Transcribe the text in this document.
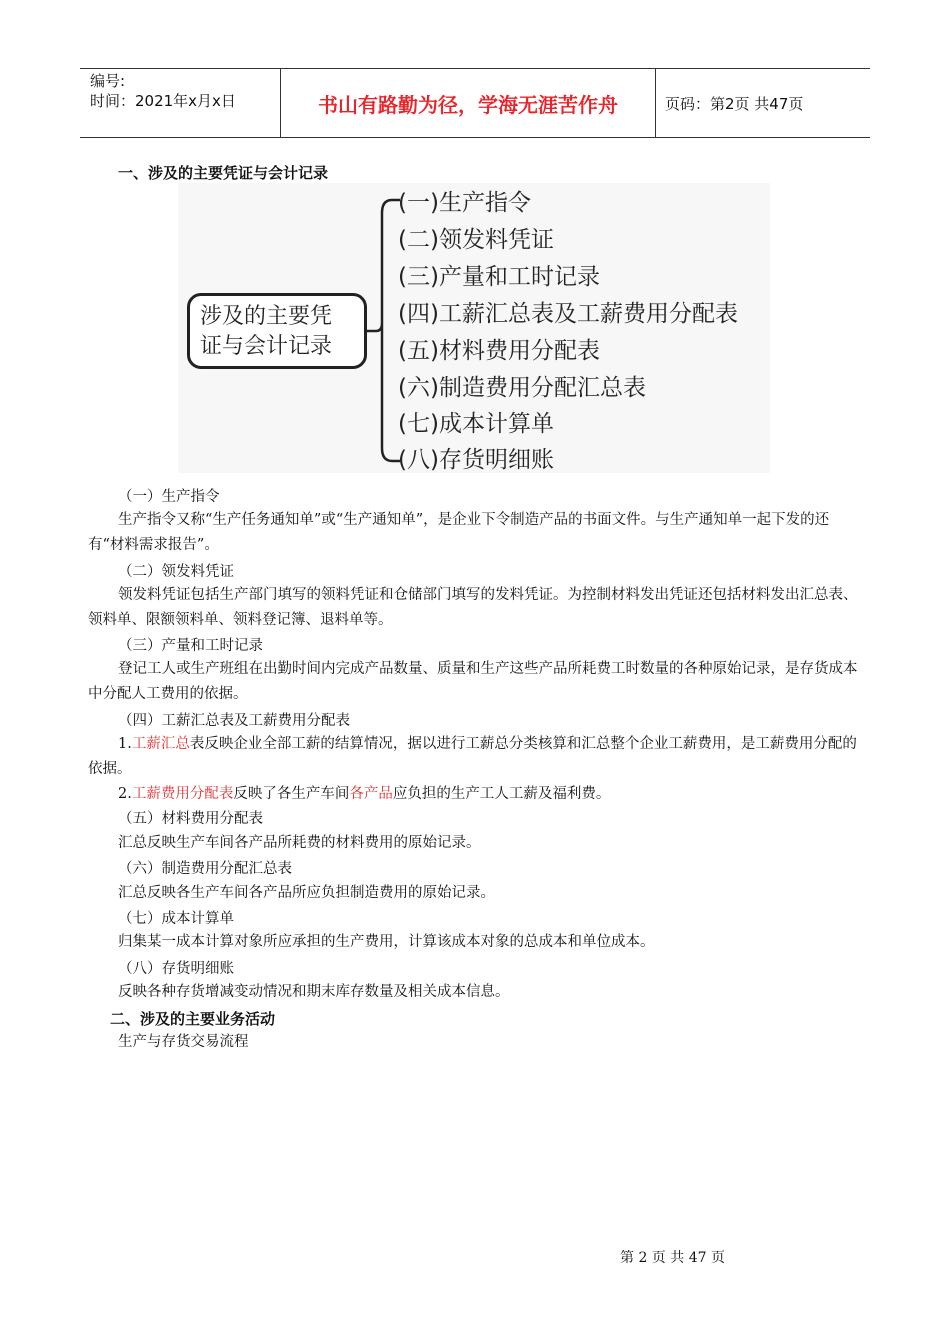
编号:
时间：2021年x月x日	书山有路勤为径，学海无涯苦作舟	页码：第2页 共47页
一、涉及的主要凭证与会计记录
涉及的主要凭
证与会计记录
(一)生产指令
(二)领发料凭证
(三)产量和工时记录
(四)工薪汇总表及工薪费用分配表
(五)材料费用分配表
(六)制造费用分配汇总表
(七)成本计算单
(八)存货明细账
（一）生产指令
生产指令又称“生产任务通知单”或“生产通知单”，是企业下令制造产品的书面文件。与生产通知单一起下发的还有“材料需求报告”。
（二）领发料凭证
领发料凭证包括生产部门填写的领料凭证和仓储部门填写的发料凭证。为控制材料发出凭证还包括材料发出汇总表、领料单、限额领料单、领料登记簿、退料单等。
（三）产量和工时记录
登记工人或生产班组在出勤时间内完成产品数量、质量和生产这些产品所耗费工时数量的各种原始记录，是存货成本中分配人工费用的依据。
（四）工薪汇总表及工薪费用分配表
1.工薪汇总表反映企业全部工薪的结算情况，据以进行工薪总分类核算和汇总整个企业工薪费用，是工薪费用分配的依据。
2.工薪费用分配表反映了各生产车间各产品应负担的生产工人工薪及福利费。
（五）材料费用分配表
汇总反映生产车间各产品所耗费的材料费用的原始记录。
（六）制造费用分配汇总表
汇总反映各生产车间各产品所应负担制造费用的原始记录。
（七）成本计算单
归集某一成本计算对象所应承担的生产费用，计算该成本对象的总成本和单位成本。
（八）存货明细账
反映各种存货增减变动情况和期末库存数量及相关成本信息。
二、涉及的主要业务活动
生产与存货交易流程
第 2 页 共 47 页
